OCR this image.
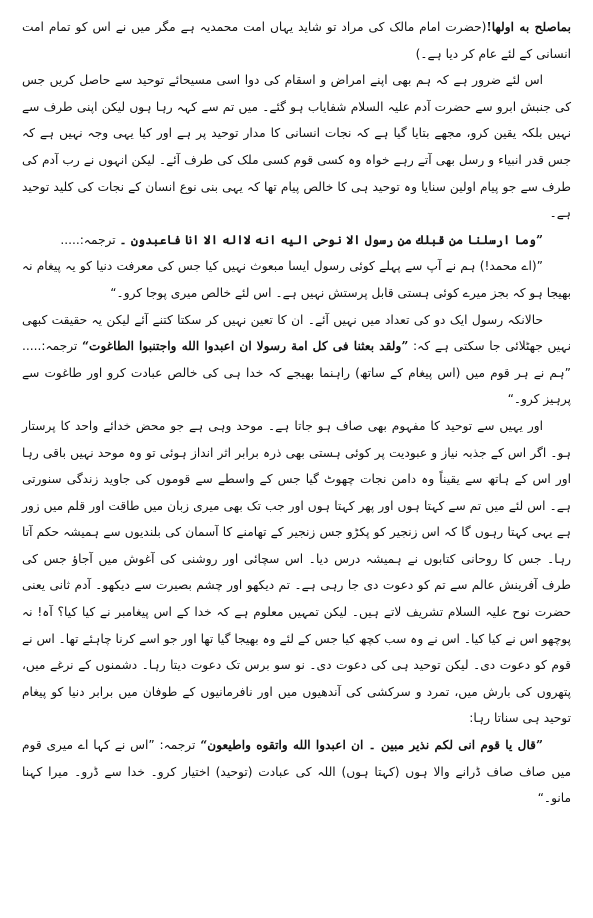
بماصلح به اولها!(حضرت امام مالک کی مراد تو شاید یہاں امت محمدیہ ہے مگر میں نے اس کو تمام امت انسانی کے لئے عام کر دیا ہے۔)

اس لئے ضرور ہے کہ ہم بھی اپنے امراض و اسقام کی دوا اسی مسیحائے توحید سے حاصل کریں جس کی جنبش ابرو سے حضرت آدم علیہ السلام شفایاب ہو گئے۔ میں تم سے کہہ رہا ہوں لیکن اپنی طرف سے نہیں بلکہ یقین کرو، مجھے بتایا گیا ہے کہ نجات انسانی کا مدار توحید پر ہے اور کیا یہی وجہ نہیں ہے کہ جس قدر انبیاء و رسل بھی آتے رہے خواہ وہ کسی قوم کسی ملک کی طرف آئے۔ لیکن انہوں نے رب آدم کی طرف سے جو پیام اولین سنایا وہ توحید ہی کا خالص پیام تھا کہ یہی بنی نوع انسان کے نجات کی کلید توحید ہے۔

”وما ارسلنا من قبلك من رسول الا نوحى اليه انه لااله الا انا فاعبدون ۔ ترجمہ:.....

”(اے محمد!) ہم نے آپ سے پہلے کوئی رسول ایسا مبعوث نہیں کیا جس کی معرفت دنیا کو یہ پیغام نہ بھیجا ہو کہ بجز میرے کوئی ہستی قابل پرستش نہیں ہے۔ اس لئے خالص میری پوجا کرو۔“

حالانکہ رسول ایک دو کی تعداد میں نہیں آئے۔ ان کا تعین نہیں کر سکتا کتنے آئے لیکن یہ حقیقت کبھی نہیں جھٹلائی جا سکتی ہے کہ: ”ولقد بعثنا فى كل امة رسولا ان اعبدوا الله واجتنبوا الطاغوت“ ترجمہ:..... ”ہم نے ہر قوم میں (اس پیغام کے ساتھ) راہنما بھیجے کہ خدا ہی کی خالص عبادت کرو اور طاغوت سے پرہیز کرو۔“

اور یہیں سے توحید کا مفہوم بھی صاف ہو جاتا ہے۔ موحد وہی ہے جو محض خدائے واحد کا پرستار ہو۔ اگر اس کے جذبہ نیاز و عبودیت پر کوئی ہستی بھی ذرہ برابر اثر انداز ہوئی تو وہ موحد نہیں باقی رہا اور اس کے ہاتھ سے یقیناً وہ دامن نجات چھوٹ گیا جس کے واسطے سے قوموں کی جاوید زندگی سنورتی ہے۔ اس لئے میں تم سے کہتا ہوں اور پھر کہتا ہوں اور جب تک بھی میری زبان میں طاقت اور قلم میں زور ہے یہی کہتا رہوں گا کہ اس زنجیر کو پکڑو جس زنجیر کے تھامنے کا آسمان کی بلندیوں سے ہمیشہ حکم آتا رہا۔ جس کا روحانی کتابوں نے ہمیشہ درس دیا۔ اس سچائی اور روشنی کی آغوش میں آجاؤ جس کی طرف آفرینش عالم سے تم کو دعوت دی جا رہی ہے۔ تم دیکھو اور چشم بصیرت سے دیکھو۔ آدم ثانی یعنی حضرت نوح علیہ السلام تشریف لاتے ہیں۔ لیکن تمہیں معلوم ہے کہ خدا کے اس پیغامبر نے کیا کیا؟ آہ! نہ پوچھو اس نے کیا کیا۔ اس نے وہ سب کچھ کیا جس کے لئے وہ بھیجا گیا تھا اور جو اسے کرنا چاہئے تھا۔ اس نے قوم کو دعوت دی۔ لیکن توحید ہی کی دعوت دی۔ نو سو برس تک دعوت دیتا رہا۔ دشمنوں کے نرغے میں، پتھروں کی بارش میں، تمرد و سرکشی کی آندھیوں میں اور نافرمانیوں کے طوفان میں برابر دنیا کو پیغام توحید ہی سناتا رہا:

”قال يا قوم انى لكم نذير مبين ۔ ان اعبدوا الله واتقوه واطيعون“ ترجمہ: ”اس نے کہا اے میری قوم میں صاف صاف ڈرانے والا ہوں (کہتا ہوں) اللہ کی عبادت (توحید) اختیار کرو۔ خدا سے ڈرو۔ میرا کہنا مانو۔“
